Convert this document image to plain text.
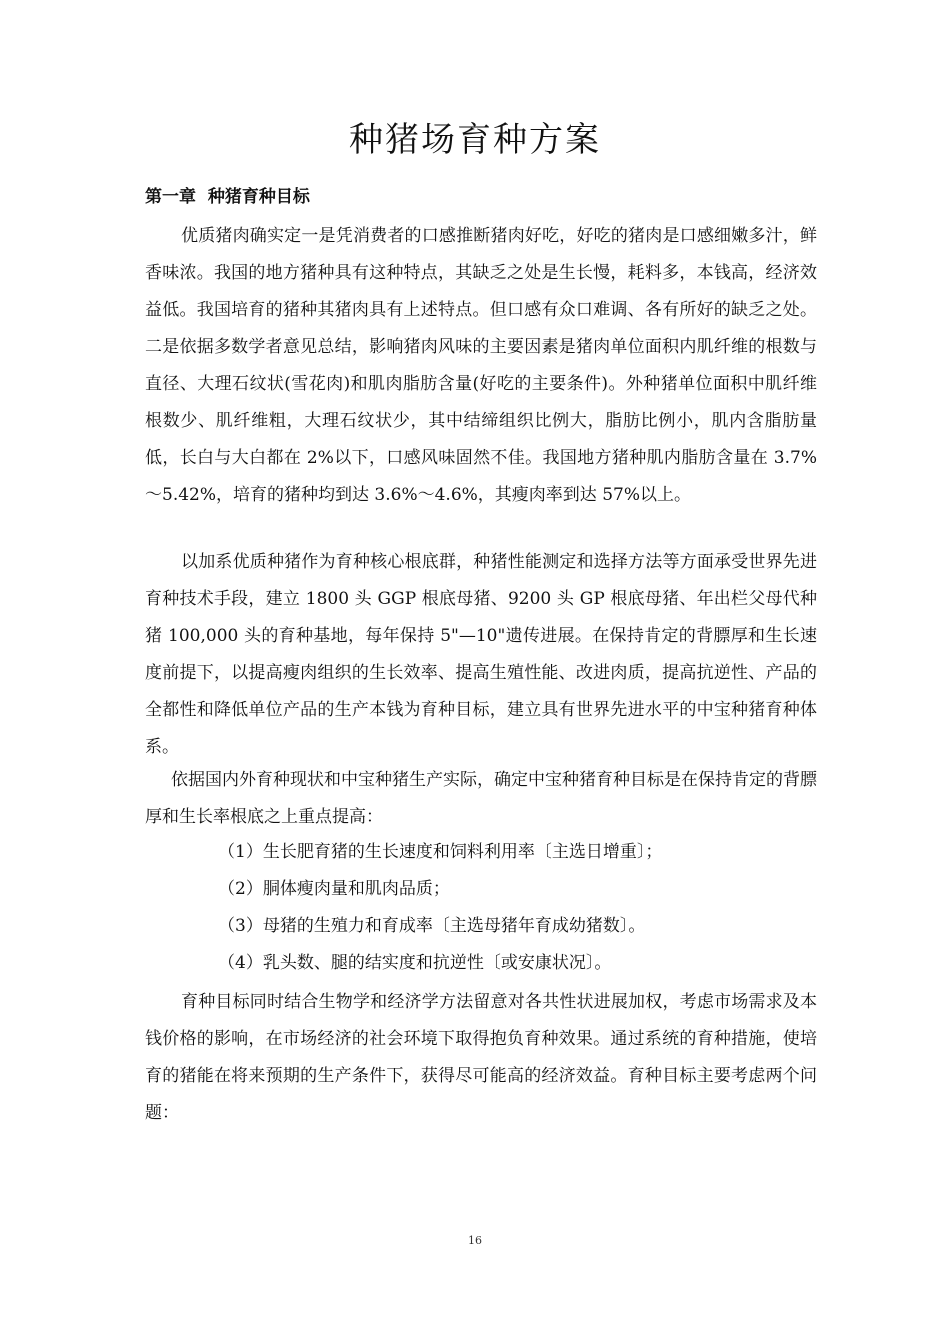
种猪场育种方案
第一章  种猪育种目标

优质猪肉确实定一是凭消费者的口感推断猪肉好吃，好吃的猪肉是口感细嫩多汁，鲜香味浓。我国的地方猪种具有这种特点，其缺乏之处是生长慢，耗料多，本钱高，经济效益低。我国培育的猪种其猪肉具有上述特点。但口感有众口难调、各有所好的缺乏之处。二是依据多数学者意见总结，影响猪肉风味的主要因素是猪肉单位面积内肌纤维的根数与直径、大理石纹状(雪花肉)和肌肉脂肪含量(好吃的主要条件)。外种猪单位面积中肌纤维根数少、肌纤维粗，大理石纹状少，其中结缔组织比例大，脂肪比例小，肌内含脂肪量低，长白与大白都在 2%以下，口感风味固然不佳。我国地方猪种肌内脂肪含量在 3.7%～5.42%，培育的猪种均到达 3.6%～4.6%，其瘦肉率到达 57%以上。

以加系优质种猪作为育种核心根底群，种猪性能测定和选择方法等方面承受世界先进育种技术手段，建立 1800 头 GGP 根底母猪、9200 头 GP 根底母猪、年出栏父母代种猪 100,000 头的育种基地，每年保持 5"—10"遗传进展。在保持肯定的背膘厚和生长速度前提下，以提高瘦肉组织的生长效率、提高生殖性能、改进肉质，提高抗逆性、产品的全都性和降低单位产品的生产本钱为育种目标，建立具有世界先进水平的中宝种猪育种体系。

依据国内外育种现状和中宝种猪生产实际，确定中宝种猪育种目标是在保持肯定的背膘厚和生长率根底之上重点提高：

（1）生长肥育猪的生长速度和饲料利用率〔主选日增重〕；
（2）胴体瘦肉量和肌肉品质；
（3）母猪的生殖力和育成率〔主选母猪年育成幼猪数〕。
（4）乳头数、腿的结实度和抗逆性〔或安康状况〕。

育种目标同时结合生物学和经济学方法留意对各共性状进展加权，考虑市场需求及本钱价格的影响，在市场经济的社会环境下取得抱负育种效果。通过系统的育种措施，使培育的猪能在将来预期的生产条件下，获得尽可能高的经济效益。育种目标主要考虑两个问题：

16
